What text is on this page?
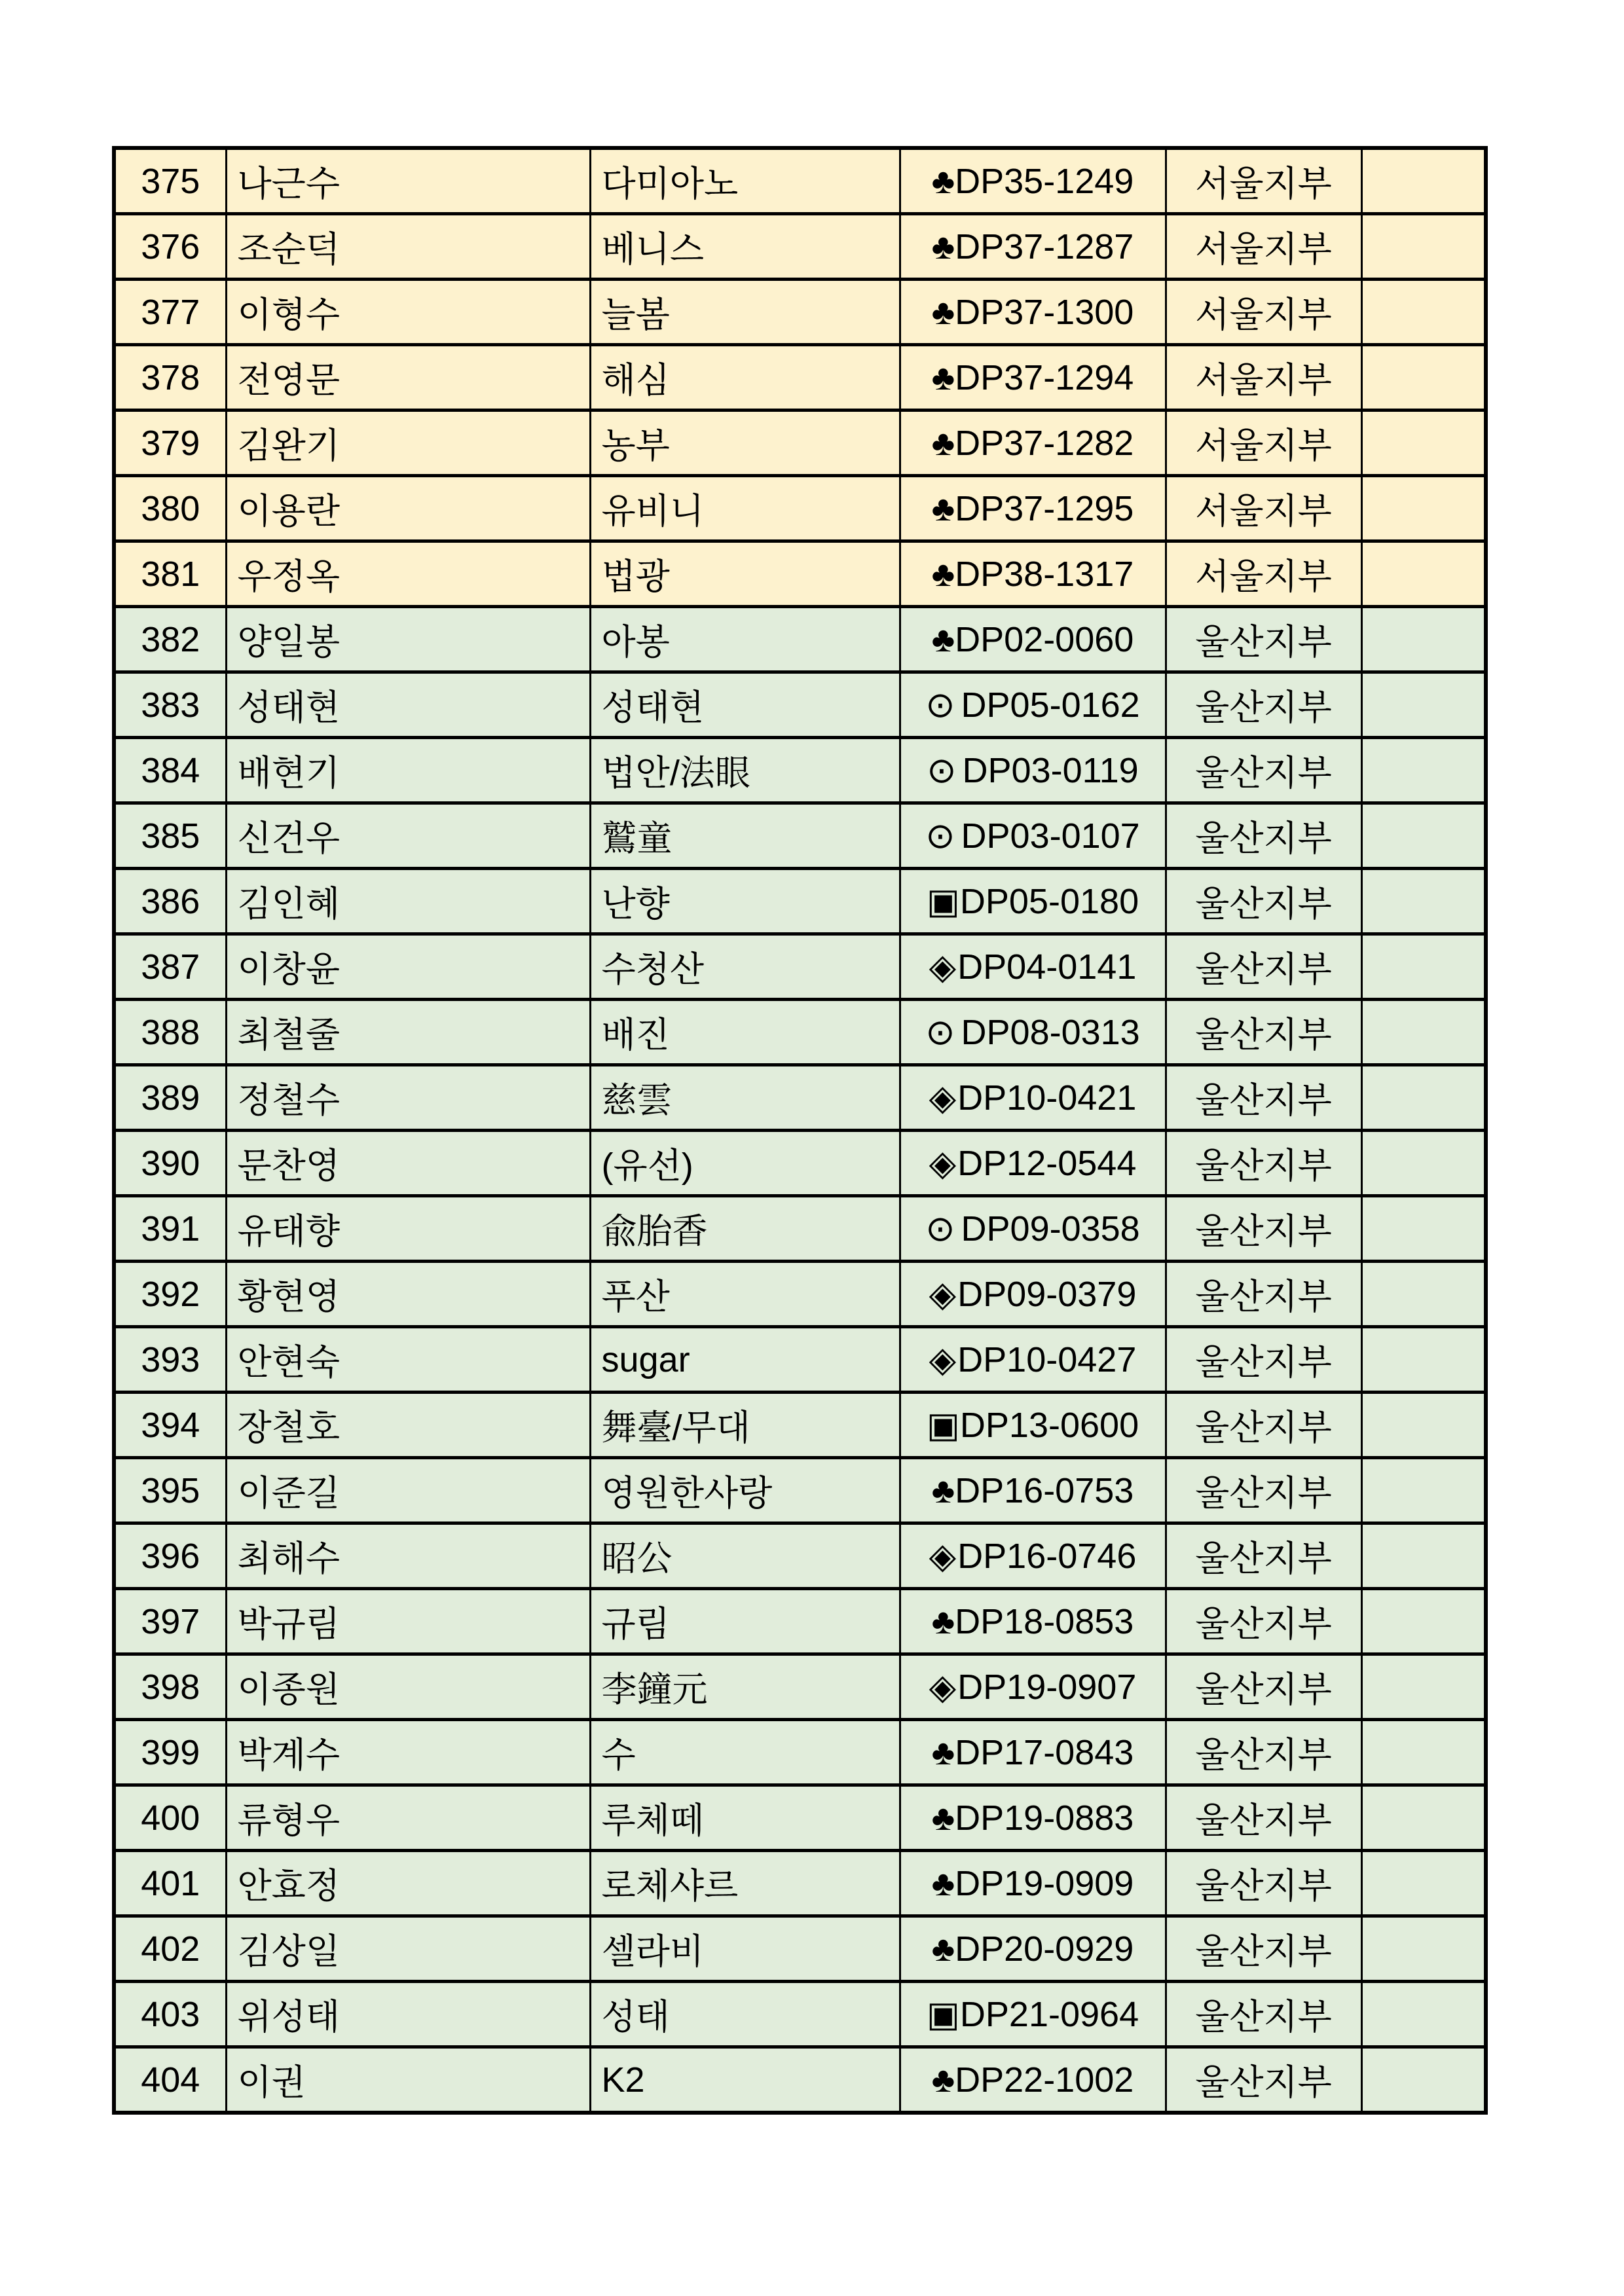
375	나근수	다미아노	♣DP35-1249	서울지부	
376	조순덕	베니스	♣DP37-1287	서울지부	
377	이형수	늘봄	♣DP37-1300	서울지부	
378	전영문	해심	♣DP37-1294	서울지부	
379	김완기	농부	♣DP37-1282	서울지부	
380	이용란	유비니	♣DP37-1295	서울지부	
381	우정옥	법광	♣DP38-1317	서울지부	
382	양일봉	아봉	♣DP02-0060	울산지부	
383	성태현	성태현	⊙ DP05-0162	울산지부	
384	배현기	법안/法眼	⊙ DP03-0119	울산지부	
385	신건우	鷲童	⊙ DP03-0107	울산지부	
386	김인혜	난향	▣DP05-0180	울산지부	
387	이창윤	수청산	◈DP04-0141	울산지부	
388	최철줄	배진	⊙ DP08-0313	울산지부	
389	정철수	慈雲	◈DP10-0421	울산지부	
390	문찬영	(유선)	◈DP12-0544	울산지부	
391	유태향	兪胎香	⊙ DP09-0358	울산지부	
392	황현영	푸산	◈DP09-0379	울산지부	
393	안현숙	sugar	◈DP10-0427	울산지부	
394	장철호	舞臺/무대	▣DP13-0600	울산지부	
395	이준길	영원한사랑	♣DP16-0753	울산지부	
396	최해수	昭公	◈DP16-0746	울산지부	
397	박규림	규림	♣DP18-0853	울산지부	
398	이종원	李鐘元	◈DP19-0907	울산지부	
399	박계수	수	♣DP17-0843	울산지부	
400	류형우	루체떼	♣DP19-0883	울산지부	
401	안효정	로체샤르	♣DP19-0909	울산지부	
402	김상일	셀라비	♣DP20-0929	울산지부	
403	위성태	성태	▣DP21-0964	울산지부	
404	이권	K2	♣DP22-1002	울산지부	
